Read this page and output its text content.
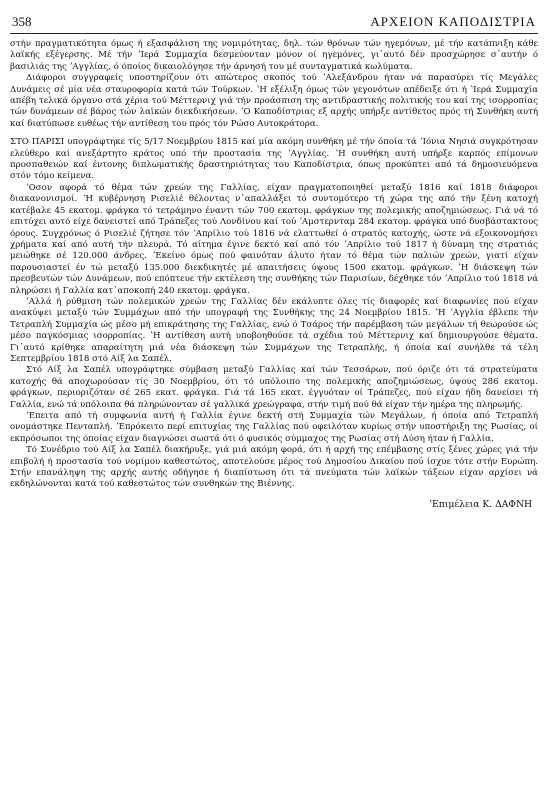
358	ΑΡΧΕΙΟΝ ΚΑΠΟΔΙΣΤΡΙΑ

στήν πραγματικότητα όμως ή εξασφάλιση της νομιμότητας, δηλ. τών θρόνων τών ηγεμόνων, μέ τήν κατάπνιξη κάθε λαϊκής εξέγερσης. Μέ τήν ʽΙερά Συμμαχία δεσμεύονταν μόνον οί ηγεμόνες, γι᾽αυτό δέν προσχώρησε σ᾽αυτήν ό βασιλιάς της ʼΑγγλίας, ό όποίος δικαιολόγησε τήν άρνησή του μέ συνταγματικά κωλύματα.

Διάφοροι συγγραφείς υποστηρίζουν ότι απώτερος σκοπός τού ʼΑλεξάνδρου ήταν νά παρασύρει τίς Μεγάλες Δυνάμεις σέ μία νέα σταυροφορία κατά τών Τούρκων. ʽΗ εξέλιξη όμως τών γεγονότων απέδειξε ότι ή ʽΙερά Συμμαχία απέβη τελικά όργανο στά χέρια τού Μέττερνιχ γιά τήν προάσπιση της αντιδραστικής πολιτικής του καί της ισορροπίας τών δυνάμεων σέ βάρος τών λαϊκών διεκδικήσεων. ʼΟ Καποδίστριας εξ αρχής υπήρξε αντίθετος πρός τή Συνθήκη αυτή καί διατύπωσε ευθέως τήν αντίθεση του πρός τόν Ρώσο Αυτοκράτορα.

ΣΤΟ ΠΑΡΙΣΙ υπογράφτηκε τίς 5/17 Νοεμβρίου 1815 καί μία ακόμη συνθήκη μέ τήν όποία τά ʼΙόνια Νησιά συγκρότησαν ελεύθερο καί ανεξάρτητο κράτος υπό τήν προστασία της ʼΑγγλίας. ʽΗ συνθήκη αυτή υπήρξε καρπός επίμονων προσπαθειών καί έντονης διπλωματικής δραστηριότητας του Καποδίστρια, όπως προκύπτει από τά δημοσιευόμενα στόν τόμο κείμενα.

ʼΟσον αφορά τό θέμα τών χρεών της Γαλλίας, είχαν πραγματοποιηθεί μεταξύ 1816 καί 1818 διάφοροι διακανονισμοί. ʽΗ κυβέρνηση Ρισελιέ θέλοντας ν᾽απαλλάξει τό συντομότερο τή χώρα της από τήν ξένη κατοχή κατέβαλε 45 εκατομ. φράγκα τό τετράμηνο έναντι τών 700 εκατομ. φράγκων της πολεμικής αποζημιώσεως. Γιά νά τό επιτύχει αυτό είχε δανειστεί από Τράπεζες τού Λονδίνου καί τού ʼΑμστερνταμ 284 εκατομ. φράγκα υπό δυσβάστακτους όρους. Συγχρόνως ό Ρισελιέ ζήτησε τόν ʼΑπρίλιο τού 1816 νά ελαττωθεί ό στρατός κατοχής, ώστε νά εξοικονομήσει χρήματα καί από αυτή τήν πλευρά. Τό αίτημα έγινε δεκτό καί από τόν ʼΑπρίλιο τού 1817 ή δύναμη της στρατιάς μειώθηκε σέ 120.000 άνδρες. ʼΕκείνο όμως πού φαινόταν άλυτο ήταν τό θέμα τών παλιών χρεών, γιατί είχαν παρουσιαστεί έν τώ μεταξύ 135.000 διεκδικητές μέ απαιτήσεις ύψους 1500 εκατομ. φράγκων. ʽΗ διάσκεψη τών πρεσβευτών τών Δυνάμεων, πού επόπτευε τήν εκτέλεση της συνθήκης τών Παρισίων, δέχθηκε τόν ʼΑπρίλιο τού 1818 νά πληρώσει ή Γαλλία κατ᾽αποκοπή 240 εκατομ. φράγκα.

ʼΑλλά ή ρύθμιση τών πολεμικών χρεών της Γαλλίας δέν εκάλυπτε όλες τίς διαφορές καί διαφωνίες πού είχαν ανακύψει μεταξύ τών Συμμάχων από τήν υπογραφή της Συνθήκης της 24 Νοεμβρίου 1815. ʽΗ ʼΑγγλία έβλεπε τήν Τετραπλή Συμμαχία ώς μέσο μή επικράτησης της Γαλλίας, ενώ ό Τσάρος τήν παρέμβαση τών μεγάλων τή θεωρούσε ώς μέσο παγκόσμιας ισορροπίας. ʽΗ αντίθεση αυτή υποβοηθούσε τά σχέδια τού Μέττερνιχ καί δημιουργούσε θέματα. Γι᾽αυτό κρίθηκε απαραίτητη μιά νέα διάσκεψη τών Συμμάχων της Τετραπλής, ή όποία καί συνήλθε τά τέλη Σεπτεμβρίου 1818 στό Αίξ λα Σαπέλ.

Στό Αίξ λα Σαπέλ υπογράφτηκε σύμβαση μεταξύ Γαλλίας καί τών Τεσσάρων, πού όριζε ότι τά στρατεύματα κατοχής θά αποχωρούσαν τίς 30 Νοεμβρίου, ότι τό υπόλοιπο της πολεμικής αποζημιώσεως, ύψους 286 εκατομ. φράγκων, περιοριζόταν σέ 265 εκατ. φράγκα. Γιά τά 165 εκατ. έγγυόταν οί Τράπεζες, πού είχαν ήδη δανείσει τή Γαλλία, ενώ τά υπόλοιπα θά πληρώνονταν σέ γαλλικά χρεώγραφα, στήν τιμή πού θά είχαν τήν ημέρα της πληρωμής.

ʼΕπειτα από τή συμφωνία αυτή ή Γαλλία έγινε δεκτή στή Συμμαχία τών Μεγάλων, ή όποία από Τετραπλή ονομάστηκε Πενταπλή. ʼΕπρόκειτο περί επιτυχίας της Γαλλίας πού οφειλόταν κυρίως στήν υποστήριξη της Ρωσίας, οί εκπρόσωποι της όποίας είχαν διαγνώσει σωστά ότι ό φυσικός σύμμαχος της Ρωσίας στή Δύση ήταν ή Γαλλία.

Τό Συνέδριο τού Αίξ λα Σαπέλ διακήρυξε, γιά μιά ακόμη φορά, ότι ή αρχή της επέμβασης στίς ξένες χώρες γιά τήν επιβολή ή προστασία τού νομίμου καθεστώτος, αποτελούσε μέρος τού Δημοσίου Δικαίου πού ίσχυε τότε στήν Ευρώπη. Στήν επανάληψη της αρχής αυτής οδήγησε ή διαπίστωση ότι τά πνεύματα τών λαϊκών τάξεων είχαν αρχίσει νά εκδηλώνονται κατά τού καθεστώτος τών συνθηκών της Βιέννης.

ʽΕπιμέλεια Κ. ΔΑΦΝΗ
